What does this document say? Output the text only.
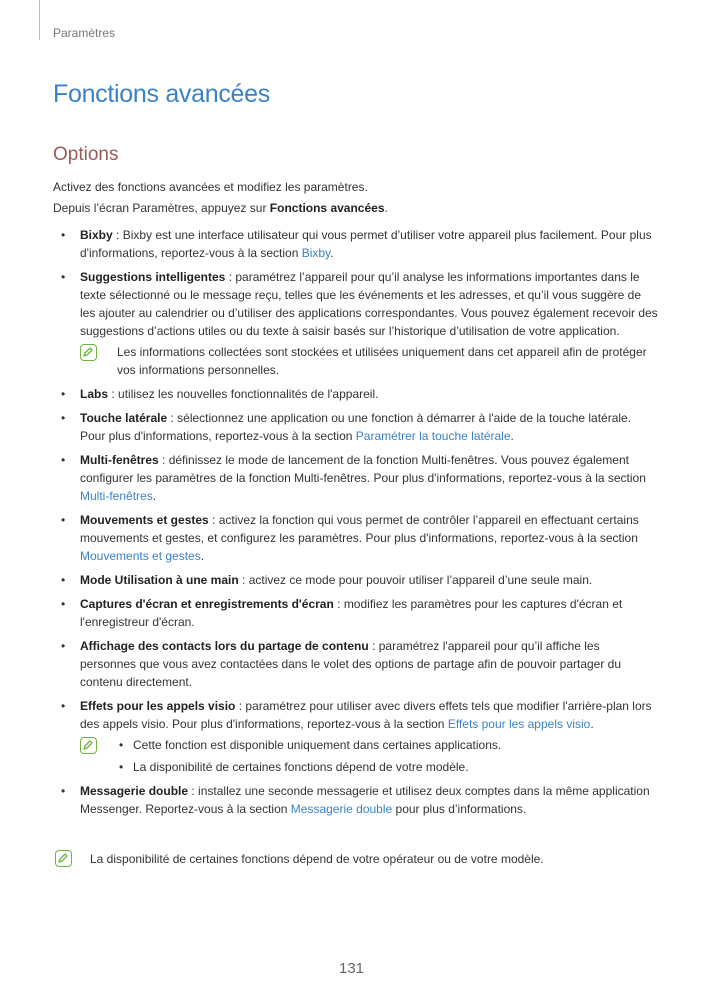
Paramètres
Fonctions avancées
Options

Activez des fonctions avancées et modifiez les paramètres.

Depuis l’écran Paramètres, appuyez sur Fonctions avancées.

• Bixby : Bixby est une interface utilisateur qui vous permet d’utiliser votre appareil plus facilement. Pour plus d'informations, reportez-vous à la section Bixby.
• Suggestions intelligentes : paramétrez l’appareil pour qu’il analyse les informations importantes dans le texte sélectionné ou le message reçu, telles que les événements et les adresses, et qu’il vous suggère de les ajouter au calendrier ou d’utiliser des applications correspondantes. Vous pouvez également recevoir des suggestions d’actions utiles ou du texte à saisir basés sur l’historique d’utilisation de votre application.
Les informations collectées sont stockées et utilisées uniquement dans cet appareil afin de protéger vos informations personnelles.
• Labs : utilisez les nouvelles fonctionnalités de l'appareil.
• Touche latérale : sélectionnez une application ou une fonction à démarrer à l'aide de la touche latérale. Pour plus d'informations, reportez-vous à la section Paramétrer la touche latérale.
• Multi-fenêtres : définissez le mode de lancement de la fonction Multi-fenêtres. Vous pouvez également configurer les paramètres de la fonction Multi-fenêtres. Pour plus d'informations, reportez-vous à la section Multi-fenêtres.
• Mouvements et gestes : activez la fonction qui vous permet de contrôler l’appareil en effectuant certains mouvements et gestes, et configurez les paramètres. Pour plus d'informations, reportez-vous à la section Mouvements et gestes.
• Mode Utilisation à une main : activez ce mode pour pouvoir utiliser l’appareil d’une seule main.
• Captures d'écran et enregistrements d'écran : modifiez les paramètres pour les captures d'écran et l'enregistreur d'écran.
• Affichage des contacts lors du partage de contenu : paramétrez l'appareil pour qu’il affiche les personnes que vous avez contactées dans le volet des options de partage afin de pouvoir partager du contenu directement.
• Effets pour les appels visio : paramétrez pour utiliser avec divers effets tels que modifier l'arrière-plan lors des appels visio. Pour plus d'informations, reportez-vous à la section Effets pour les appels visio.
• Cette fonction est disponible uniquement dans certaines applications.
• La disponibilité de certaines fonctions dépend de votre modèle.
• Messagerie double : installez une seconde messagerie et utilisez deux comptes dans la même application Messenger. Reportez-vous à la section Messagerie double pour plus d’informations.
La disponibilité de certaines fonctions dépend de votre opérateur ou de votre modèle.
131
